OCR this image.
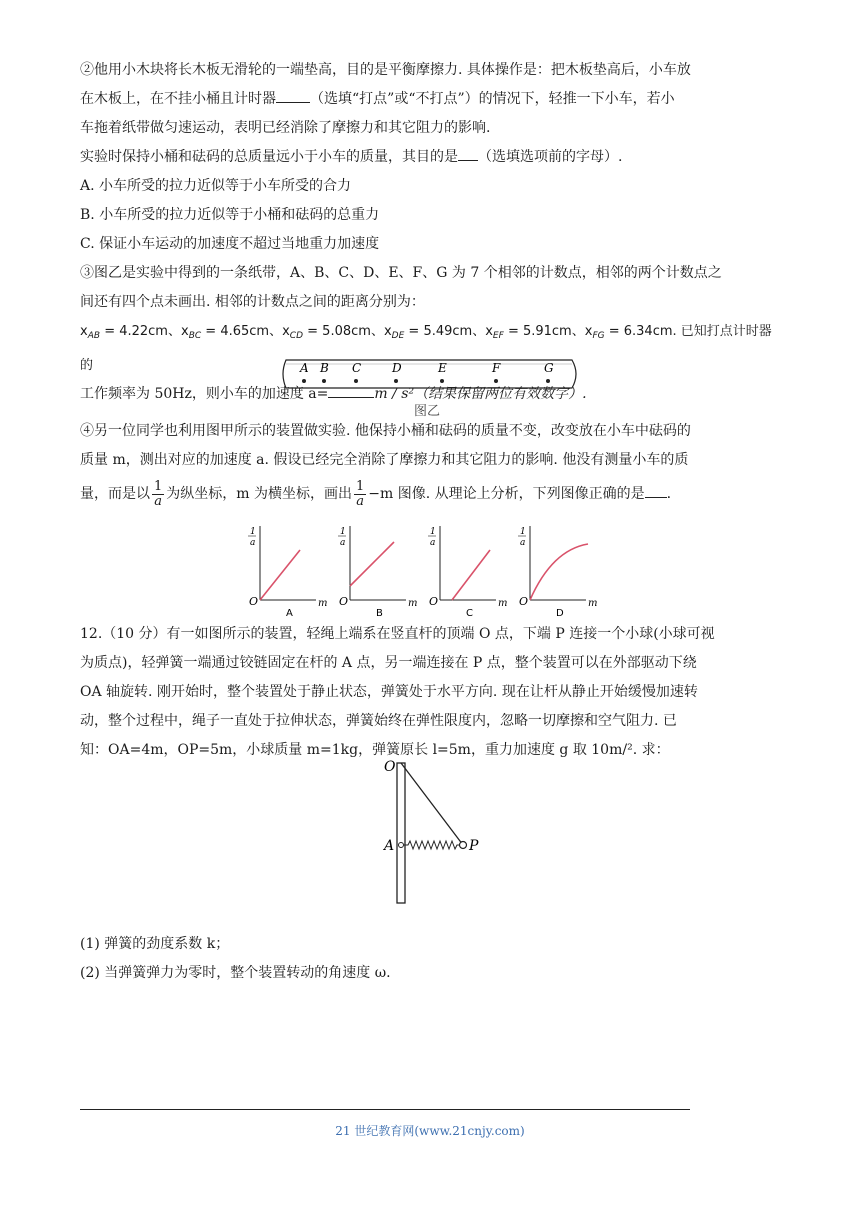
②他用小木块将长木板无滑轮的一端垫高，目的是平衡摩擦力. 具体操作是：把木板垫高后，小车放

在木板上，在不挂小桶且计时器 （选填“打点”或“不打点”）的情况下，轻推一下小车，若小

车拖着纸带做匀速运动，表明已经消除了摩擦力和其它阻力的影响.

实验时保持小桶和砝码的总质量远小于小车的质量，其目的是 （选填选项前的字母）.

A. 小车所受的拉力近似等于小车所受的合力

B. 小车所受的拉力近似等于小桶和砝码的总重力

C. 保证小车运动的加速度不超过当地重力加速度

③图乙是实验中得到的一条纸带，A、B、C、D、E、F、G 为 7 个相邻的计数点，相邻的两个计数点之

间还有四个点未画出. 相邻的计数点之间的距离分别为：

$x_{AB} = 4.22cm$、$x_{BC} = 4.65cm$、$x_{CD} = 5.08cm$、$x_{DE} = 5.49cm$、$x_{EF} = 5.91cm$、$x_{FG} = 6.34cm$. 已知打点计时器的

工作频率为 50Hz，则小车的加速度 a=	m / s²（结果保留两位有效数字）.

A B C	D	E	F	G
图乙

④另一位同学也利用图甲所示的装置做实验. 他保持小桶和砝码的质量不变，改变放在小车中砝码的

质量 m，测出对应的加速度 a. 假设已经完全消除了摩擦力和其它阻力的影响. 他没有测量小车的质

量，而是以 $\frac{1}{a}$ 为纵坐标，m 为横坐标，画出 $\frac{1}{a} -m$ 图像. 从理论上分析，下列图像正确的是 .

1
a
O	m
A
1
a
O	m
B
1
a
O	m
C
1
a
O	m
D

12.（10 分）有一如图所示的装置，轻绳上端系在竖直杆的顶端 O 点，下端 P 连接一个小球(小球可视

为质点)，轻弹簧一端通过铰链固定在杆的 A 点，另一端连接在 P 点，整个装置可以在外部驱动下绕

OA 轴旋转. 刚开始时，整个装置处于静止状态，弹簧处于水平方向. 现在让杆从静止开始缓慢加速转

动，整个过程中，绳子一直处于拉伸状态，弹簧始终在弹性限度内，忽略一切摩擦和空气阻力. 已

知：OA=4m，OP=5m，小球质量 m=1kg，弹簧原长 l=5m，重力加速度 g 取 10m/². 求：

O
A	P

(1) 弹簧的劲度系数 k；

(2) 当弹簧弹力为零时，整个装置转动的角速度 ω.

21 世纪教育网(www.21cnjy.com)
